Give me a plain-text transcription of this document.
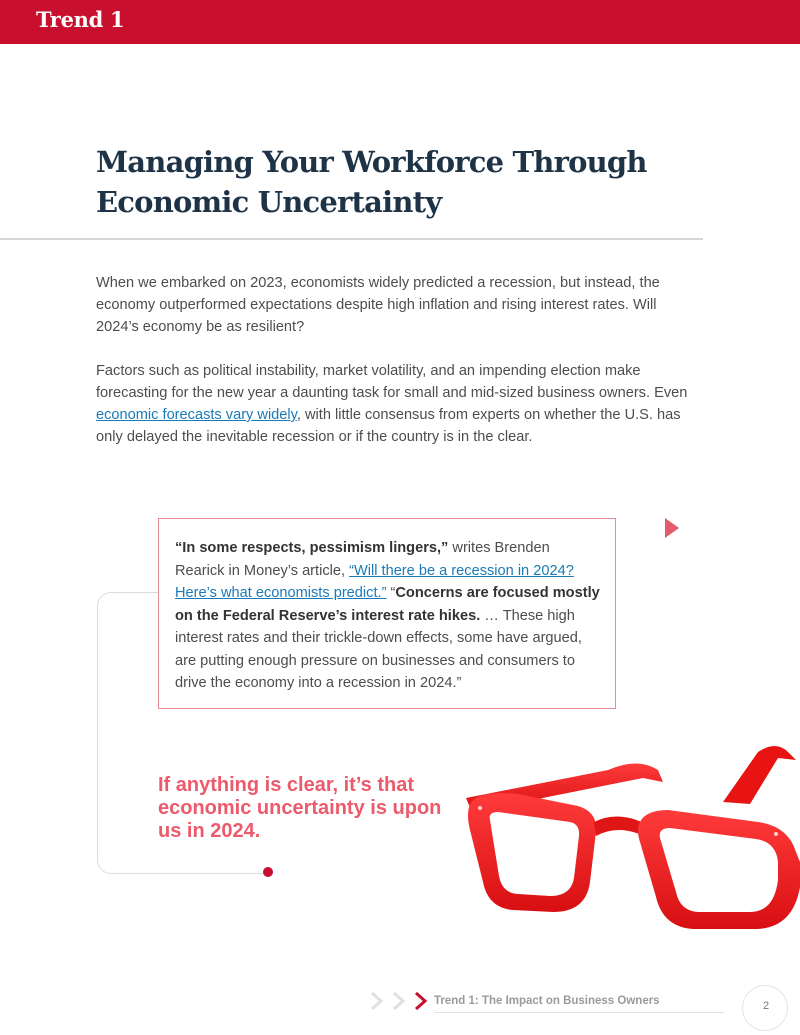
Trend 1
Managing Your Workforce Through Economic Uncertainty

When we embarked on 2023, economists widely predicted a recession, but instead, the economy outperformed expectations despite high inflation and rising interest rates. Will 2024’s economy be as resilient?

Factors such as political instability, market volatility, and an impending election make forecasting for the new year a daunting task for small and mid-sized business owners. Even economic forecasts vary widely, with little consensus from experts on whether the U.S. has only delayed the inevitable recession or if the country is in the clear.

“In some respects, pessimism lingers,” writes Brenden Rearick in Money’s article, “Will there be a recession in 2024? Here’s what economists predict.” “Concerns are focused mostly on the Federal Reserve’s interest rate hikes. … These high interest rates and their trickle-down effects, some have argued, are putting enough pressure on businesses and consumers to drive the economy into a recession in 2024.”

If anything is clear, it’s that economic uncertainty is upon us in 2024.

Trend 1: The Impact on Business Owners	2
